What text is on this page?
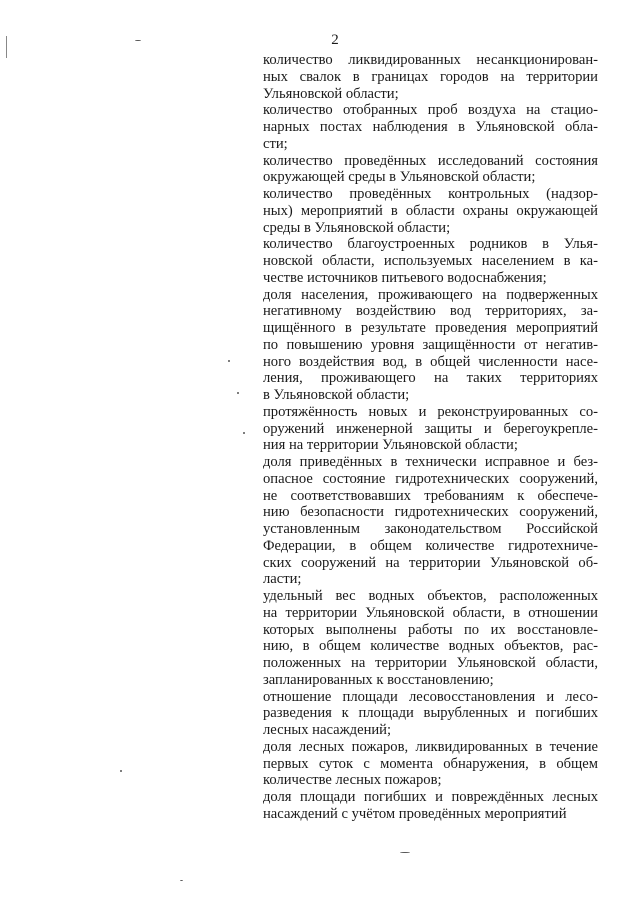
2
количество ликвидированных несанкционирован-
ных свалок в границах городов на территории
Ульяновской области;
количество отобранных проб воздуха на стацио-
нарных постах наблюдения в Ульяновской обла-
сти;
количество проведённых исследований состояния
окружающей среды в Ульяновской области;
количество проведённых контрольных (надзор-
ных) мероприятий в области охраны окружающей
среды в Ульяновской области;
количество благоустроенных родников в Улья-
новской области, используемых населением в ка-
честве источников питьевого водоснабжения;
доля населения, проживающего на подверженных
негативному воздействию вод территориях, за-
щищённого в результате проведения мероприятий
по повышению уровня защищённости от негатив-
ного воздействия вод, в общей численности насе-
ления, проживающего на таких территориях
в Ульяновской области;
протяжённость новых и реконструированных со-
оружений инженерной защиты и берегоукрепле-
ния на территории Ульяновской области;
доля приведённых в технически исправное и без-
опасное состояние гидротехнических сооружений,
не соответствовавших требованиям к обеспече-
нию безопасности гидротехнических сооружений,
установленным законодательством Российской
Федерации, в общем количестве гидротехниче-
ских сооружений на территории Ульяновской об-
ласти;
удельный вес водных объектов, расположенных
на территории Ульяновской области, в отношении
которых выполнены работы по их восстановле-
нию, в общем количестве водных объектов, рас-
положенных на территории Ульяновской области,
запланированных к восстановлению;
отношение площади лесовосстановления и лесо-
разведения к площади вырубленных и погибших
лесных насаждений;
доля лесных пожаров, ликвидированных в течение
первых суток с момента обнаружения, в общем
количестве лесных пожаров;
доля площади погибших и повреждённых лесных
насаждений с учётом проведённых мероприятий
